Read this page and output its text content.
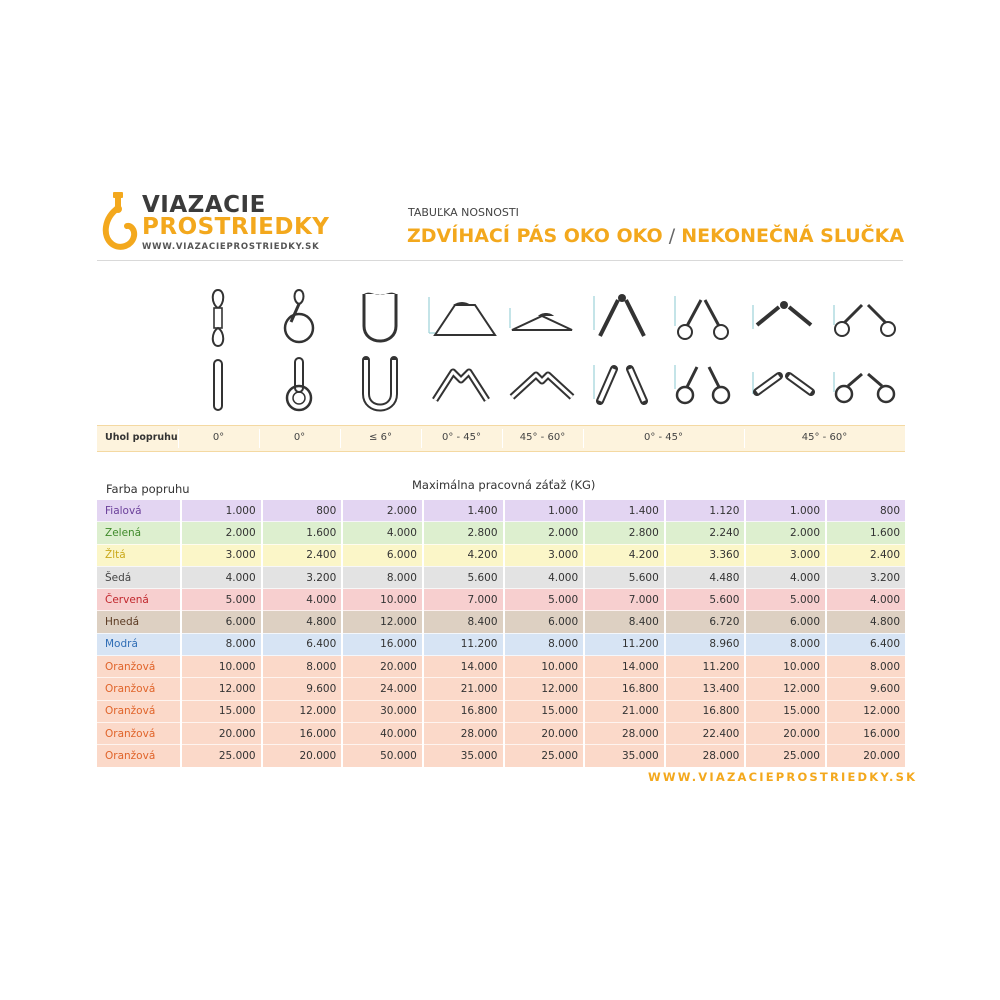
VIAZACIE
PROSTRIEDKY
WWW.VIAZACIEPROSTRIEDKY.SK
TABUĽKA NOSNOSTI
ZDVÍHACÍ PÁS OKO OKO / NEKONEČNÁ SLUČKA
Uhol popruhu	0°	0°	≤ 6°	0° - 45°	45° - 60°	0° - 45°	45° - 60°
Farba popruhu	Maximálna pracovná záťaž (KG)
Fialová	1.000	800	2.000	1.400	1.000	1.400	1.120	1.000	800
Zelená	2.000	1.600	4.000	2.800	2.000	2.800	2.240	2.000	1.600
Žltá	3.000	2.400	6.000	4.200	3.000	4.200	3.360	3.000	2.400
Šedá	4.000	3.200	8.000	5.600	4.000	5.600	4.480	4.000	3.200
Červená	5.000	4.000	10.000	7.000	5.000	7.000	5.600	5.000	4.000
Hnedá	6.000	4.800	12.000	8.400	6.000	8.400	6.720	6.000	4.800
Modrá	8.000	6.400	16.000	11.200	8.000	11.200	8.960	8.000	6.400
Oranžová	10.000	8.000	20.000	14.000	10.000	14.000	11.200	10.000	8.000
Oranžová	12.000	9.600	24.000	21.000	12.000	16.800	13.400	12.000	9.600
Oranžová	15.000	12.000	30.000	16.800	15.000	21.000	16.800	15.000	12.000
Oranžová	20.000	16.000	40.000	28.000	20.000	28.000	22.400	20.000	16.000
Oranžová	25.000	20.000	50.000	35.000	25.000	35.000	28.000	25.000	20.000
WWW.VIAZACIEPROSTRIEDKY.SK
